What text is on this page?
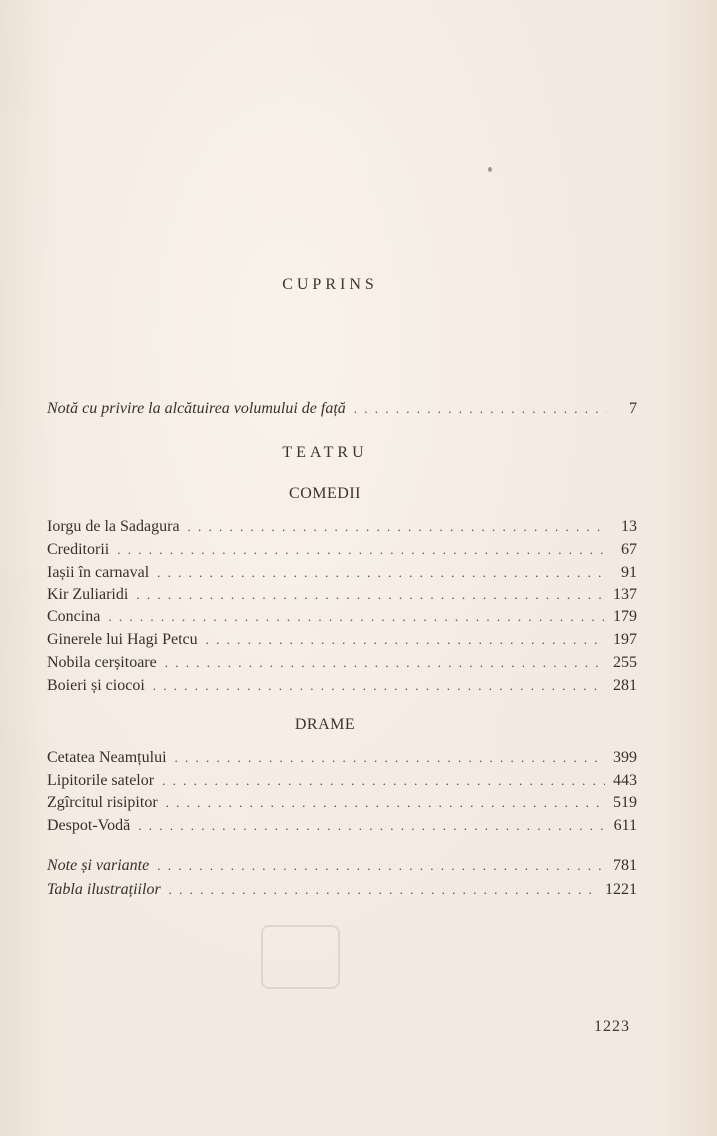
CUPRINS
Notă cu privire la alcătuirea volumului de față . . .	7
TEATRU
COMEDII
Iorgu de la Sadagura . . .	13
Creditorii . . .	67
Iașii în carnaval . . .	91
Kir Zuliaridi . . .	137
Concina . . .	179
Ginerele lui Hagi Petcu . . .	197
Nobila cerșitoare . . .	255
Boieri și ciocoi . . .	281
DRAME
Cetatea Neamțului . . .	399
Lipitorile satelor . . .	443
Zgîrcitul risipitor . . .	519
Despot-Vodă . . .	611
Note și variante . . .	781
Tabla ilustrațiilor . . .	1221
1223
